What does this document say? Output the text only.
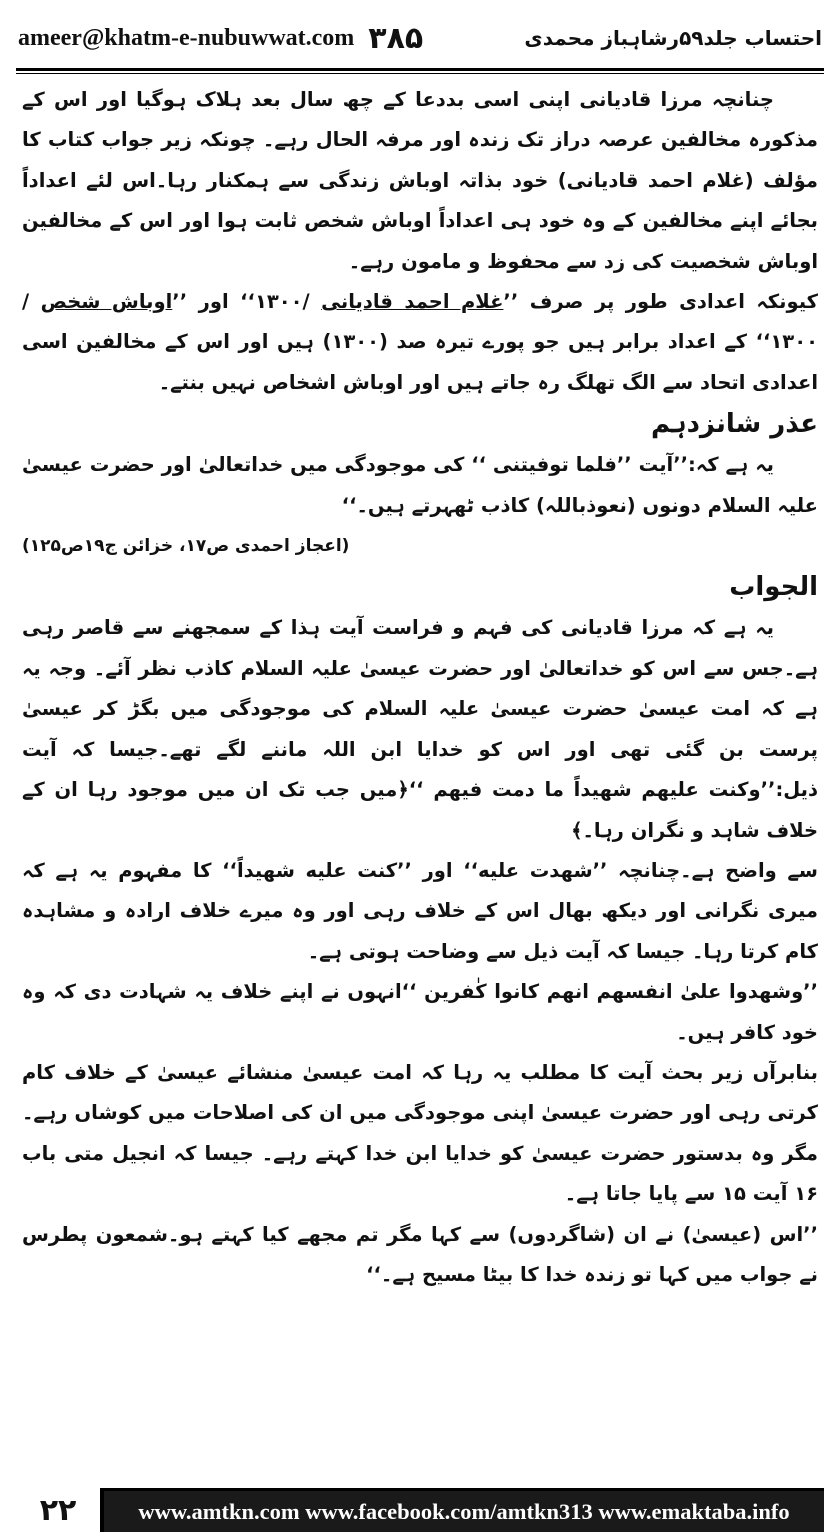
ameer@khatm-e-nubuwwat.com ۳۸۵	احتساب جلد۵۹رشاہباز محمدی

چنانچہ مرزا قادیانی اپنی اسی بددعا کے چھ سال بعد ہلاک ہوگیا اور اس کے مذکورہ مخالفین عرصہ دراز تک زندہ اور مرفہ الحال رہے۔ چونکہ زیر جواب کتاب کا مؤلف (غلام احمد قادیانی) خود بذاتہ اوباش زندگی سے ہمکنار رہا۔اس لئے اعداداً بجائے اپنے مخالفین کے وہ خود ہی اعداداً اوباش شخص ثابت ہوا اور اس کے مخالفین اوباش شخصیت کی زد سے محفوظ و مامون رہے۔

کیونکہ اعدادی طور پر صرف ’’غلام احمد قادیانی /۱۳۰۰‘‘ اور ’’اوباش شخص /۱۳۰۰‘‘ کے اعداد برابر ہیں جو پورے تیرہ صد (۱۳۰۰) ہیں اور اس کے مخالفین اسی اعدادی اتحاد سے الگ تھلگ رہ جاتے ہیں اور اوباش اشخاص نہیں بنتے۔

عذر شانزدہم

یہ ہے کہ:’’آیت ’’فلما توفیتنی ‘‘ کی موجودگی میں خداتعالیٰ اور حضرت عیسیٰ علیہ السلام دونوں (نعوذباللہ) کاذب ٹھہرتے ہیں۔‘‘

(اعجاز احمدی ص۱۷، خزائن ج۱۹ص۱۲۵)

الجواب

یہ ہے کہ مرزا قادیانی کی فہم و فراست آیت ہذا کے سمجھنے سے قاصر رہی ہے۔جس سے اس کو خداتعالیٰ اور حضرت عیسیٰ علیہ السلام کاذب نظر آئے۔ وجہ یہ ہے کہ امت عیسیٰ حضرت عیسیٰ علیہ السلام کی موجودگی میں بگڑ کر عیسیٰ پرست بن گئی تھی اور اس کو خدایا ابن اللہ ماننے لگے تھے۔جیسا کہ آیت ذیل:’’وکنت علیهم شهیداً ما دمت فیهم ‘‘﴿میں جب تک ان میں موجود رہا ان کے خلاف شاہد و نگران رہا۔﴾

سے واضح ہے۔چنانچہ ’’شهدت علیه‘‘ اور ’’کنت علیه شهیداً‘‘ کا مفہوم یہ ہے کہ میری نگرانی اور دیکھ بھال اس کے خلاف رہی اور وہ میرے خلاف ارادہ و مشاہدہ کام کرتا رہا۔ جیسا کہ آیت ذیل سے وضاحت ہوتی ہے۔

’’وشهدوا علیٰ انفسهم انهم کانوا کٰفرین ‘‘انہوں نے اپنے خلاف یہ شہادت دی کہ وہ خود کافر ہیں۔

بنابرآں زیر بحث آیت کا مطلب یہ رہا کہ امت عیسیٰ منشائے عیسیٰ کے خلاف کام کرتی رہی اور حضرت عیسیٰ اپنی موجودگی میں ان کی اصلاحات میں کوشاں رہے۔مگر وہ بدستور حضرت عیسیٰ کو خدایا ابن خدا کہتے رہے۔ جیسا کہ انجیل متی باب ۱۶ آیت ۱۵ سے پایا جاتا ہے۔

’’اس (عیسیٰ) نے ان (شاگردوں) سے کہا مگر تم مجھے کیا کہتے ہو۔شمعون پطرس نے جواب میں کہا تو زندہ خدا کا بیٹا مسیح ہے۔‘‘

۲۲	www.amtkn.com www.facebook.com/amtkn313 www.emaktaba.info
